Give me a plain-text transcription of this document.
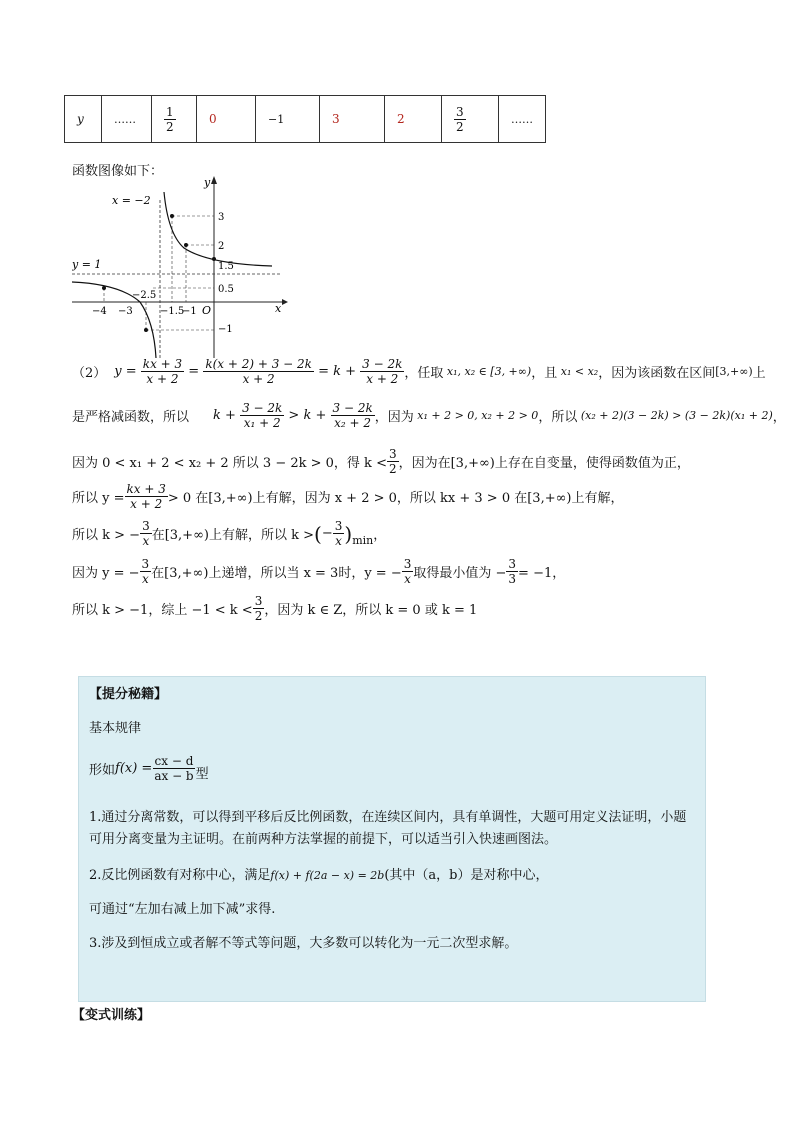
y	……	$\frac{1}{2}$	0	−1	3	2	$\frac{3}{2}$	……
函数图像如下：
x
y
O
x = −2
y = 1
3
2
1.5
0.5
−1
−4 −3
−2.5
−1.5
−1
（2） $y = \frac{kx + 3}{x + 2} = \frac{k(x + 2) + 3 - 2k}{x + 2} = k + \frac{3 - 2k}{x + 2}$ ，任取 x₁, x₂ ∈ [3, +∞) ，且 x₁ < x₂ ，因为该函数在区间 [3,+∞) 上
是严格减函数，所以 $k + \frac{3 - 2k}{\text{x₁ + 2}} > k + \frac{3 - 2k}{\text{x₂ + 2}}$ ，因为 x₁ + 2 > 0, x₂ + 2 > 0 ，所以 (x₂ + 2)(3 − 2k) > (3 − 2k)(x₁ + 2) ，
因为 0 < x₁ + 2 < x₂ + 2 所以 3 − 2k > 0，得 $k < \frac{3}{2}$ ，因为在[3,+∞)上存在自变量，使得函数值为正，
所以 $y = \frac{kx + 3}{x + 2} > 0$ 在[3,+∞)上有解，因为 x + 2 > 0，所以 kx + 3 > 0 在[3,+∞)上有解，
所以 k > − $\frac{3}{x}$ 在[3,+∞)上有解，所以 k > ( − $\frac{3}{x}$ ) min ，
因为 y = − $\frac{3}{x}$ 在[3,+∞)上递增，所以当 x = 3时，y = − $\frac{3}{x}$ 取得最小值为 − $\frac{3}{3} = -1$，
所以 k > −1，综上 $-1 < k < \frac{3}{2}$ ，因为 k ∈ Z，所以 k = 0 或 k = 1
【提分秘籍】
基本规律
形如 $f(x) = \frac{cx - d}{ax - b}$ 型
1.通过分离常数，可以得到平移后反比例函数，在连续区间内，具有单调性，大题可用定义法证明，小题可用分离变量为主证明。在前两种方法掌握的前提下，可以适当引入快速画图法。
2.反比例函数有对称中心，满足f(x) + f(2a − x) = 2b(其中（a，b）是对称中心，
可通过“左加右减上加下减”求得.
3.涉及到恒成立或者解不等式等问题，大多数可以转化为一元二次型求解。
【变式训练】
